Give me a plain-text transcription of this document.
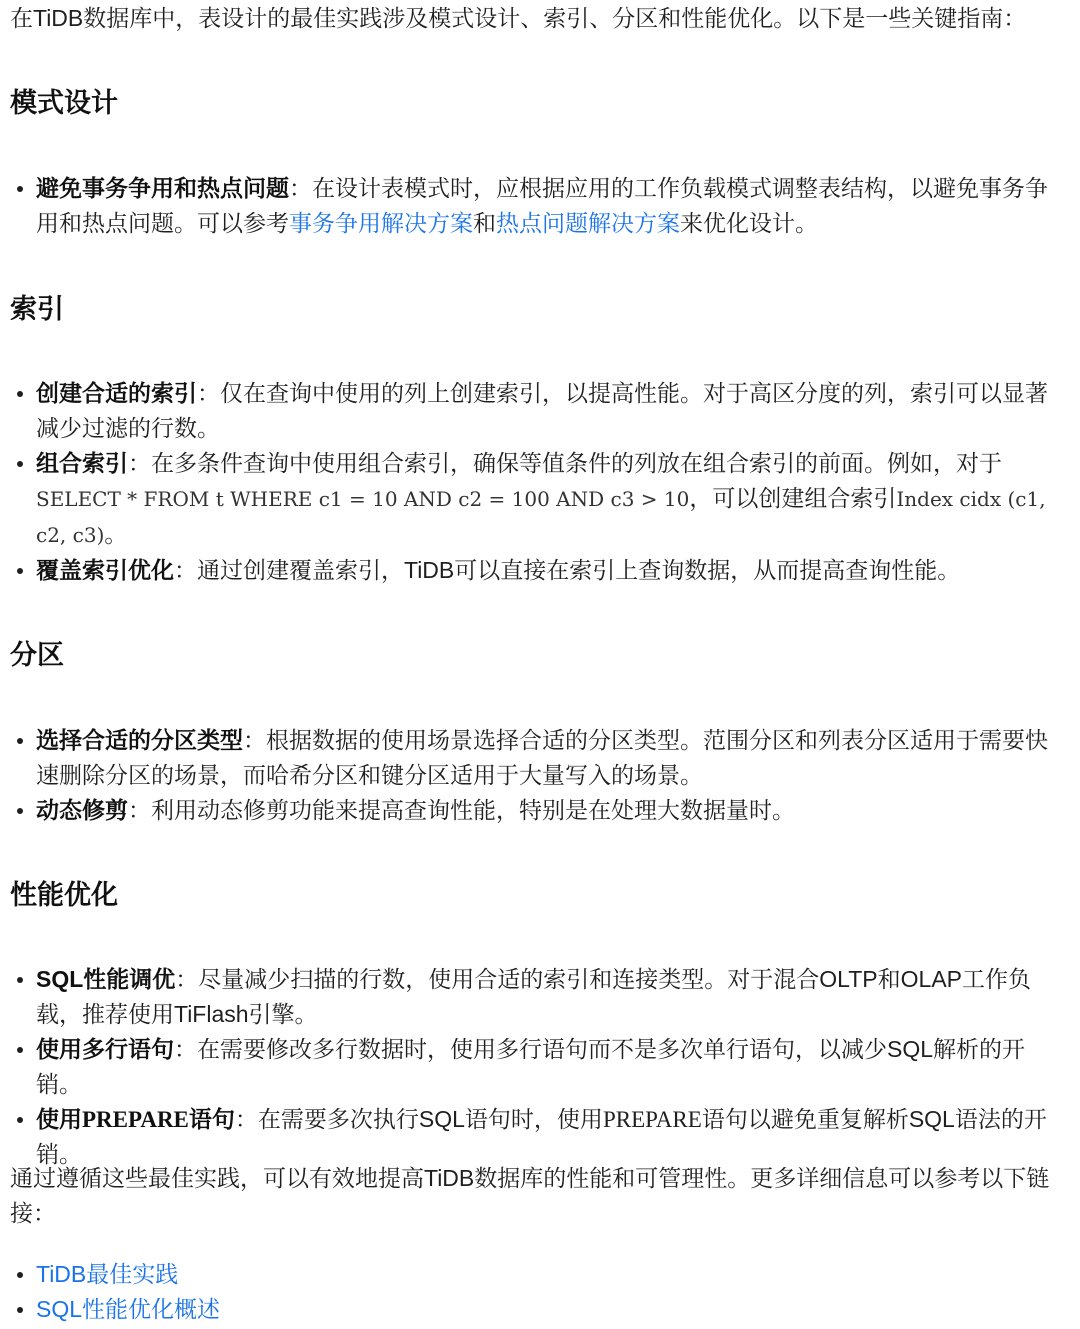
在TiDB数据库中，表设计的最佳实践涉及模式设计、索引、分区和性能优化。以下是一些关键指南：

模式设计
避免事务争用和热点问题：在设计表模式时，应根据应用的工作负载模式调整表结构，以避免事务争用和热点问题。可以参考事务争用解决方案和热点问题解决方案来优化设计。
索引
创建合适的索引：仅在查询中使用的列上创建索引，以提高性能。对于高区分度的列，索引可以显著减少过滤的行数。
组合索引：在多条件查询中使用组合索引，确保等值条件的列放在组合索引的前面。例如，对于SELECT * FROM t WHERE c1 = 10 AND c2 = 100 AND c3 > 10，可以创建组合索引Index cidx (c1, c2, c3)。
覆盖索引优化：通过创建覆盖索引，TiDB可以直接在索引上查询数据，从而提高查询性能。
分区
选择合适的分区类型：根据数据的使用场景选择合适的分区类型。范围分区和列表分区适用于需要快速删除分区的场景，而哈希分区和键分区适用于大量写入的场景。
动态修剪：利用动态修剪功能来提高查询性能，特别是在处理大数据量时。
性能优化
SQL性能调优：尽量减少扫描的行数，使用合适的索引和连接类型。对于混合OLTP和OLAP工作负载，推荐使用TiFlash引擎。
使用多行语句：在需要修改多行数据时，使用多行语句而不是多次单行语句，以减少SQL解析的开销。
使用PREPARE语句：在需要多次执行SQL语句时，使用PREPARE语句以避免重复解析SQL语法的开销。

通过遵循这些最佳实践，可以有效地提高TiDB数据库的性能和可管理性。更多详细信息可以参考以下链接：

TiDB最佳实践
SQL性能优化概述
